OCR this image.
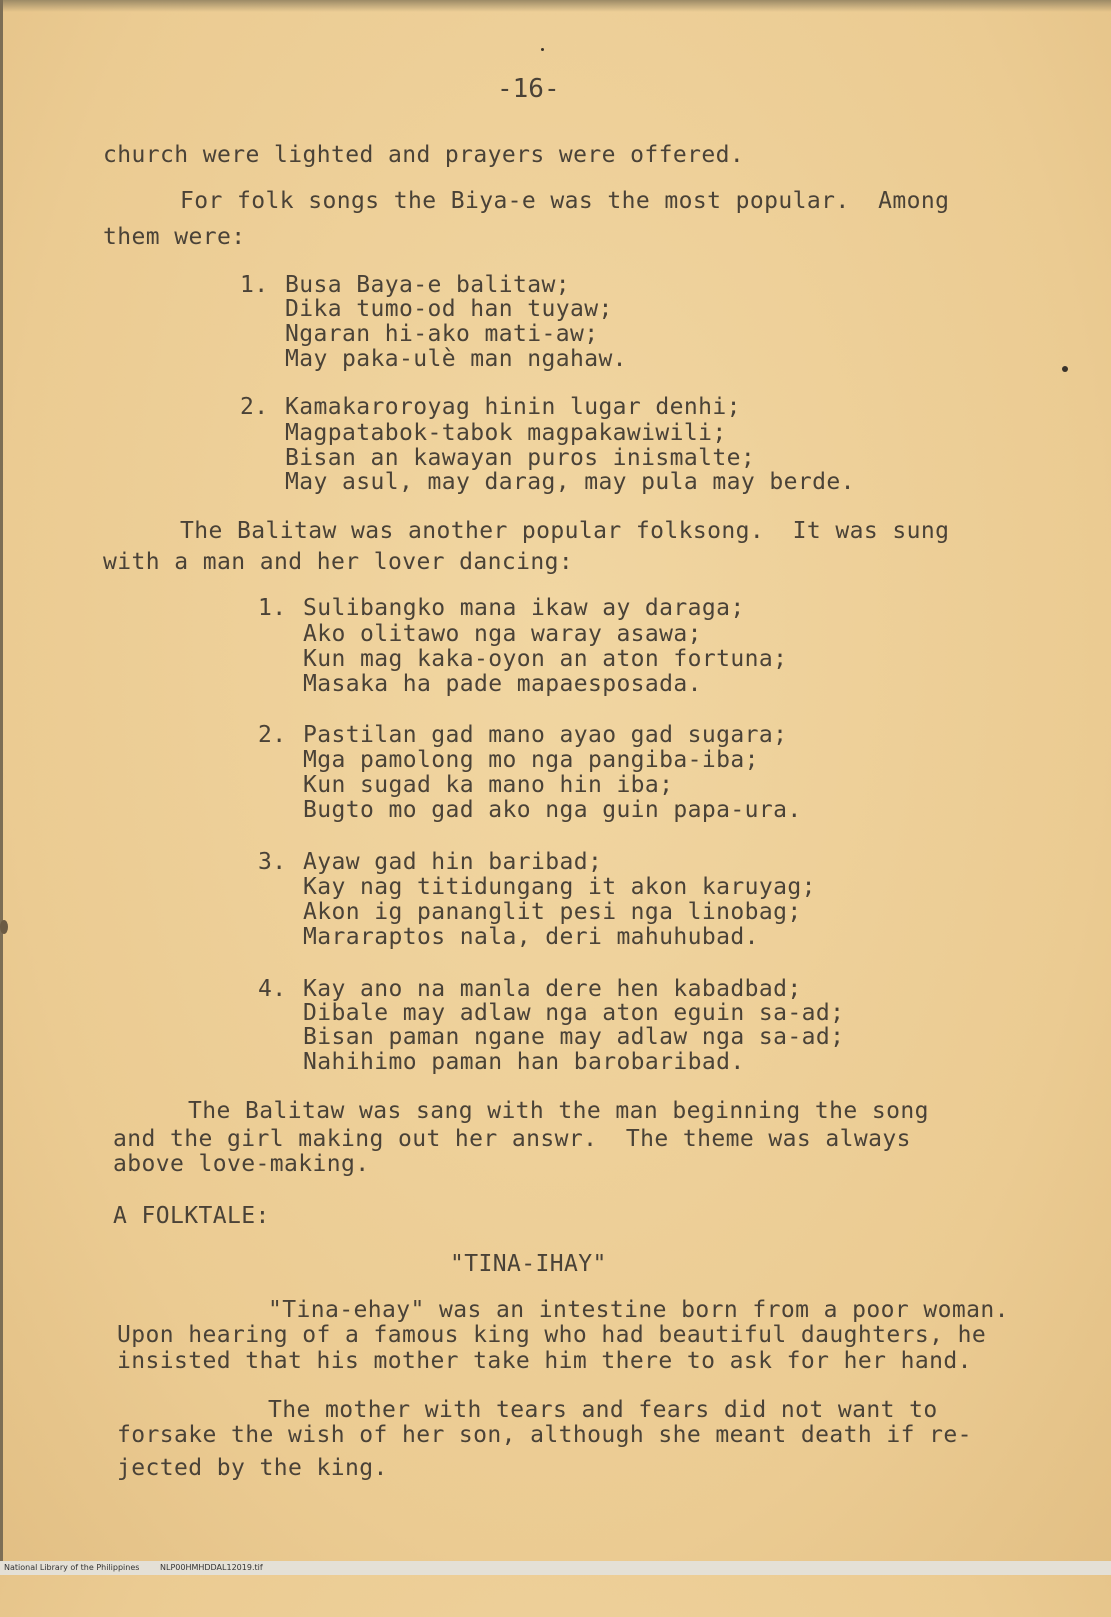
-16-
church were lighted and prayers were offered.
For folk songs the Biya-e was the most popular.  Among
them were:
1. Busa Baya-e balitaw;
Dika tumo-od han tuyaw;
Ngaran hi-ako mati-aw;
May paka-ulè man ngahaw.
2. Kamakaroroyag hinin lugar denhi;
Magpatabok-tabok magpakawiwili;
Bisan an kawayan puros inismalte;
May asul, may darag, may pula may berde.
The Balitaw was another popular folksong.  It was sung
with a man and her lover dancing:
1. Sulibangko mana ikaw ay daraga;
Ako olitawo nga waray asawa;
Kun mag kaka-oyon an aton fortuna;
Masaka ha pade mapaesposada.
2. Pastilan gad mano ayao gad sugara;
Mga pamolong mo nga pangiba-iba;
Kun sugad ka mano hin iba;
Bugto mo gad ako nga guin papa-ura.
3. Ayaw gad hin baribad;
Kay nag titidungang it akon karuyag;
Akon ig pananglit pesi nga linobag;
Mararaptos nala, deri mahuhubad.
4. Kay ano na manla dere hen kabadbad;
Dibale may adlaw nga aton eguin sa-ad;
Bisan paman ngane may adlaw nga sa-ad;
Nahihimo paman han barobaribad.
The Balitaw was sang with the man beginning the song
and the girl making out her answr.  The theme was always
above love-making.
A FOLKTALE:
"TINA-IHAY"
"Tina-ehay" was an intestine born from a poor woman.
Upon hearing of a famous king who had beautiful daughters, he
insisted that his mother take him there to ask for her hand.
The mother with tears and fears did not want to
forsake the wish of her son, although she meant death if re-
jected by the king.

National Library of the Philippines

	NLP00HMHDDAL12019.tif
